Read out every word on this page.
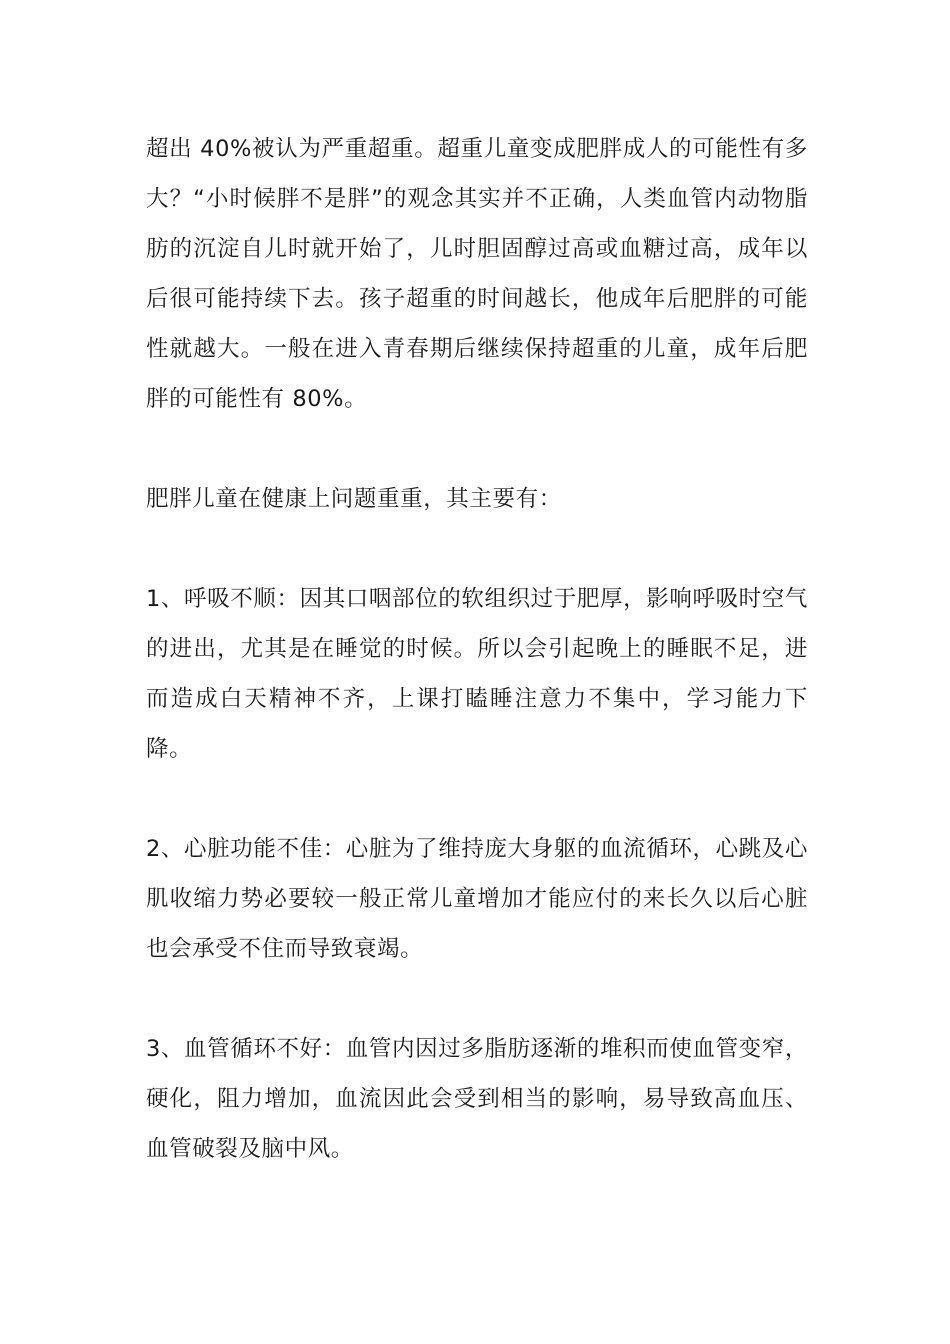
超出 40%被认为严重超重。超重儿童变成肥胖成人的可能性有多大？“小时候胖不是胖”的观念其实并不正确，人类血管内动物脂肪的沉淀自儿时就开始了，儿时胆固醇过高或血糖过高，成年以后很可能持续下去。孩子超重的时间越长，他成年后肥胖的可能性就越大。一般在进入青春期后继续保持超重的儿童，成年后肥胖的可能性有 80%。

肥胖儿童在健康上问题重重，其主要有：

1、呼吸不顺：因其口咽部位的软组织过于肥厚，影响呼吸时空气的进出，尤其是在睡觉的时候。所以会引起晚上的睡眠不足，进而造成白天精神不齐，上课打瞌睡注意力不集中，学习能力下降。

2、心脏功能不佳：心脏为了维持庞大身躯的血流循环，心跳及心肌收缩力势必要较一般正常儿童增加才能应付的来长久以后心脏也会承受不住而导致衰竭。

3、血管循环不好：血管内因过多脂肪逐渐的堆积而使血管变窄，硬化，阻力增加，血流因此会受到相当的影响，易导致高血压、血管破裂及脑中风。
